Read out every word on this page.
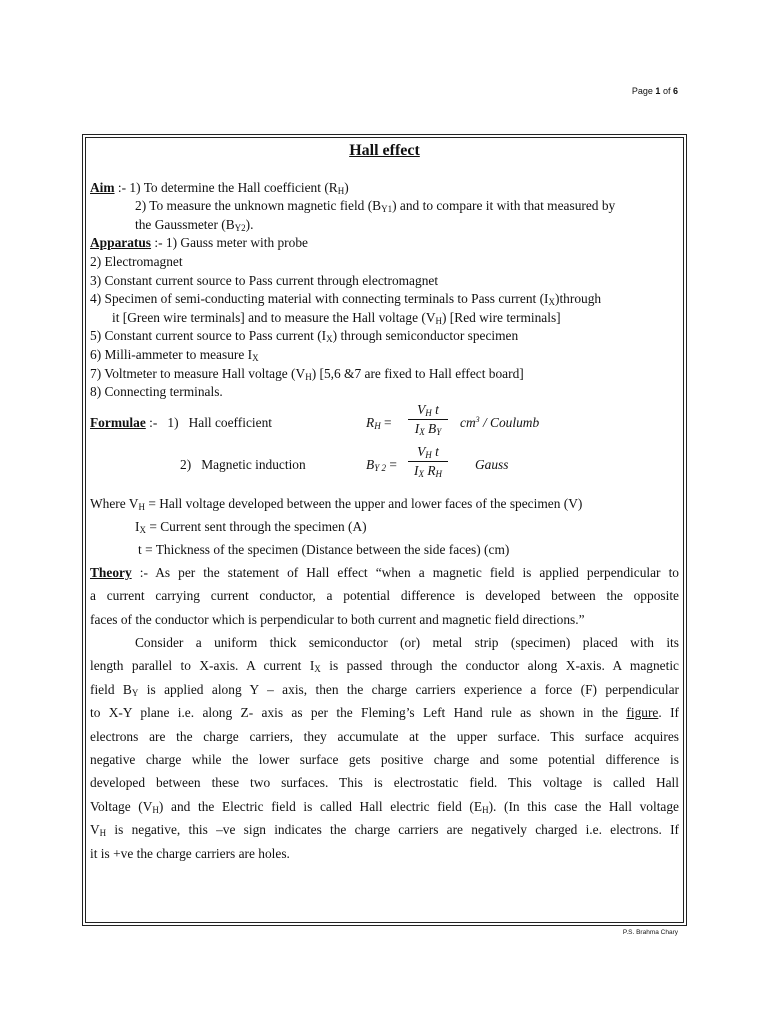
Page 1 of 6
Hall effect
Aim :- 1) To determine the Hall coefficient $(R_H)$
2) To measure the unknown magnetic field $(B_{Y1})$ and to compare it with that measured by
the Gaussmeter $(B_{Y2})$.
Apparatus :- 1) Gauss meter with probe
2) Electromagnet
3) Constant current source to Pass current through electromagnet
4) Specimen of semi-conducting material with connecting terminals to Pass current $(I_X)through$
it [Green wire terminals] and to measure the Hall voltage $(V_H)$ [Red wire terminals]
5) Constant current source to Pass current $(I_X)$ through semiconductor specimen
6) Milli-ammeter to measure $I_X$
7) Voltmeter to measure Hall voltage $(V_H)$ [5,6 &7 are fixed to Hall effect board]
8) Connecting terminals.
Formulae :- 1) Hall coefficient	$R_H = \frac{V_H t}{I_X B_Y} cm^3$ / Coulumb
2) Magnetic induction	$B_{Y 2} = \frac{V_H t}{I_X R_H}$ Gauss
Where $V_H$ = Hall voltage developed between the upper and lower faces of the specimen (V)
$I_X$ = Current sent through the specimen (A)
t = Thickness of the specimen (Distance between the side faces) (cm)
Theory :- As per the statement of Hall effect “when a magnetic field is applied perpendicular to
a current carrying current conductor, a potential difference is developed between the opposite
faces of the conductor which is perpendicular to both current and magnetic field directions.”
Consider a uniform thick semiconductor (or) metal strip (specimen) placed with its
length parallel to X-axis. A current $I_X$ is passed through the conductor along X-axis. A magnetic
field $B_Y$ is applied along Y – axis, then the charge carriers experience a force (F) perpendicular
to X-Y plane i.e. along Z- axis as per the Fleming’s Left Hand rule as shown in the figure. If
electrons are the charge carriers, they accumulate at the upper surface. This surface acquires
negative charge while the lower surface gets positive charge and some potential difference is
developed between these two surfaces. This is electrostatic field. This voltage is called Hall
Voltage $(V_H)$ and the Electric field is called Hall electric field $(E_H)$. (In this case the Hall voltage
$V_H$ is negative, this –ve sign indicates the charge carriers are negatively charged i.e. electrons. If
it is +ve the charge carriers are holes.
P.S. Brahma Chary
